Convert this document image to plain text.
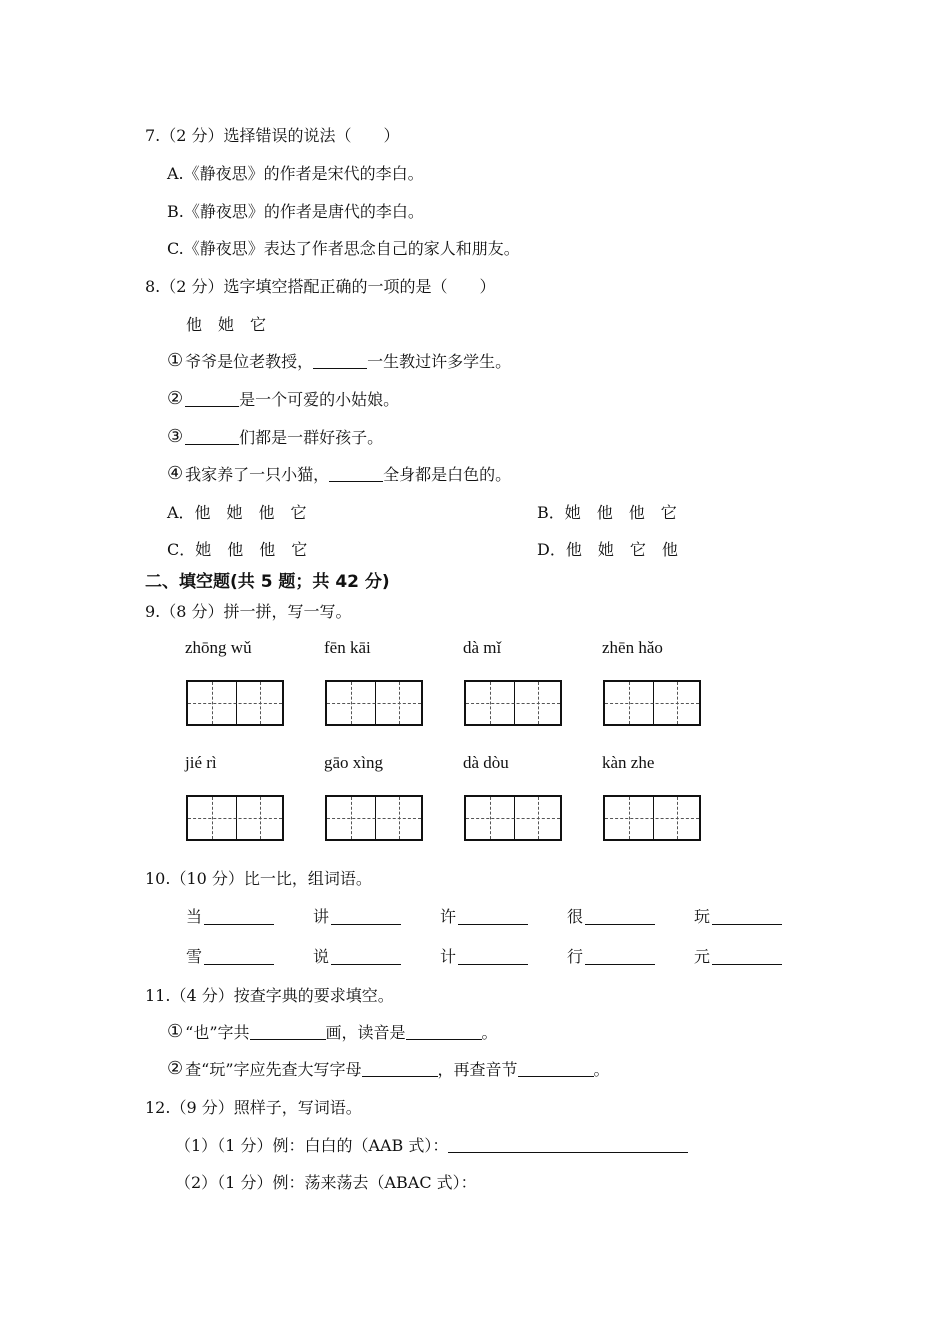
7.（2 分）选择错误的说法（　　）
A.《静夜思》的作者是宋代的李白。
B.《静夜思》的作者是唐代的李白。
C.《静夜思》表达了作者思念自己的家人和朋友。
8.（2 分）选字填空搭配正确的一项的是（　　）
他　她　它
① 爷爷是位老教授，	一生教过许多学生。
②	是一个可爱的小姑娘。
③	们都是一群好孩子。
④ 我家养了一只小猫，	全身都是白色的。
A．他　她　他　它	B．她　他　他　它
C．她　他　他　它	D．他　她　它　他
二、填空题(共 5 题；共 42 分)
9.（8 分）拼一拼，写一写。
zhōng wǔ	fēn kāi	dà mǐ	zhēn hǎo
jié rì	gāo xìng	dà dòu	kàn zhe
10.（10 分）比一比，组词语。
当	讲	许	很	玩
雪	说	计	行	元
11.（4 分）按查字典的要求填空。
① “也”字共	画，读音是	。
② 查“玩”字应先查大写字母	，再查音节	。
12.（9 分）照样子，写词语。
（1）（1 分）例：白白的（AAB 式）：
（2）（1 分）例：荡来荡去（ABAC 式）：
